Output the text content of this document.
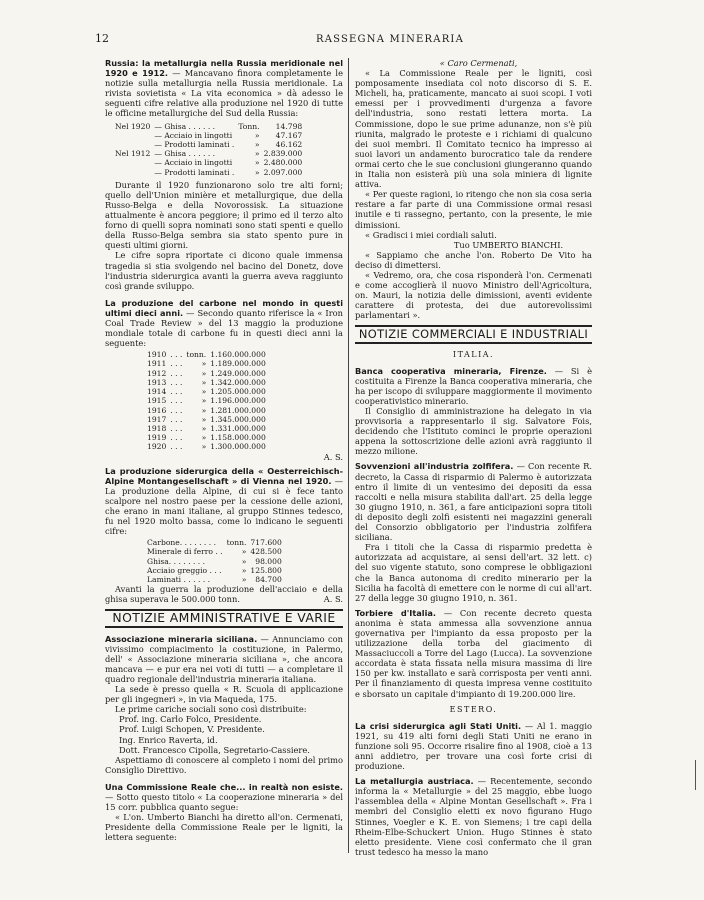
12	RASSEGNA MINERARIA

Russia: la metallurgia nella Russia meridionale nel 1920 e 1912. — Mancavano finora completamente le notizie sulla metallurgia nella Russia meridionale. La rivista sovietista « La vita economica » dà adesso le seguenti cifre relative alla produzione nel 1920 di tutte le officine metallurgiche del Sud della Russia:

Nel 1920	— Ghisa . . . . . .	Tonn.	14.798
	— Acciaio in lingotti	»	47.167
	— Prodotti laminati .	»	46.162
Nel 1912	— Ghisa . . . . . .	»	2.839.000
	— Acciaio in lingotti	»	2.480.000
	— Prodotti laminati .	»	2.097.000

Durante il 1920 funzionarono solo tre alti forni; quello dell'Union minière et metallurgique, due della Russo-Belga e della Novorossisk. La situazione attualmente è ancora peggiore; il primo ed il terzo alto forno di quelli sopra nominati sono stati spenti e quello della Russo-Belga sembra sia stato spento pure in questi ultimi giorni.

Le cifre sopra riportate ci dicono quale immensa tragedia si stia svolgendo nel bacino del Donetz, dove l'industria siderurgica avanti la guerra aveva raggiunto così grande sviluppo.

La produzione del carbone nel mondo in questi ultimi dieci anni. — Secondo quanto riferisce la « Iron Coal Trade Review » del 13 maggio la produzione mondiale totale di carbone fu in questi dieci anni la seguente:

1910	. . .	tonn.	1.160.000.000
1911	. . .	»	1.189.000.000
1912	. . .	»	1.249.000.000
1913	. . .	»	1.342.000.000
1914	. . .	»	1.205.000.000
1915	. . .	»	1.196.000.000
1916	. . .	»	1.281.000.000
1917	. . .	»	1.345.000.000
1918	. . .	»	1.331.000.000
1919	. . .	»	1.158.000.000
1920	. . .	»	1.300.000.000

A. S.

La produzione siderurgica della « Oesterreichisch-Alpine Montangesellschaft » di Vienna nel 1920. — La produzione della Alpine, di cui si è fece tanto scalpore nel nostro paese per la cessione delle azioni, che erano in mani italiane, al gruppo Stinnes tedesco, fu nel 1920 molto bassa, come lo indicano le seguenti cifre:

Carbone. . . . . . . .	tonn.	717.600
Minerale di ferro . .	»	428.500
Ghisa. . . . . . . .	»	98.000
Acciaio greggio . . .	»	125.800
Laminati . . . . . .	»	84.700

Avanti la guerra la produzione dell'acciaio e della ghisa superava le 500.000 tonn.	A. S.

NOTIZIE AMMINISTRATIVE E VARIE

Associazione mineraria siciliana. — Annunciamo con vivissimo compiacimento la costituzione, in Palermo, dell' « Associazione mineraria siciliana », che ancora mancava — e pur era nei voti di tutti — a completare il quadro regionale dell'industria mineraria italiana.

La sede è presso quella « R. Scuola di applicazione per gli ingegneri », in via Maqueda, 175.

Le prime cariche sociali sono così distribuite:

Prof. ing. Carlo Folco, Presidente.
Prof. Luigi Schopen, V. Presidente.
Ing. Enrico Raverta, id.
Dott. Francesco Cipolla, Segretario-Cassiere.

Aspettiamo di conoscere al completo i nomi del primo Consiglio Direttivo.

Una Commissione Reale che... in realtà non esiste. — Sotto questo titolo « La cooperazione mineraria » del 15 corr. pubblica quanto segue:

« L'on. Umberto Bianchi ha diretto all'on. Cermenati, Presidente della Commissione Reale per le ligniti, la lettera seguente:

« Caro Cermenati,

« La Commissione Reale per le ligniti, così pomposamente insediata col noto discorso di S. E. Micheli, ha, praticamente, mancato ai suoi scopi. I voti emessi per i provvedimenti d'urgenza a favore dell'industria, sono restati lettera morta. La Commissione, dopo le sue prime adunanze, non s'è più riunita, malgrado le proteste e i richiami di qualcuno dei suoi membri. Il Comitato tecnico ha impresso ai suoi lavori un andamento burocratico tale da rendere ormai certo che le sue conclusioni giungeranno quando in Italia non esisterà più una sola miniera di lignite attiva.

« Per queste ragioni, io ritengo che non sia cosa seria restare a far parte di una Commissione ormai resasi inutile e ti rassegno, pertanto, con la presente, le mie dimissioni.

« Gradisci i miei cordiali saluti.

Tuo UMBERTO BIANCHI.

« Sappiamo che anche l'on. Roberto De Vito ha deciso di dimettersi.

« Vedremo, ora, che cosa risponderà l'on. Cermenati e come accoglierà il nuovo Ministro dell'Agricoltura, on. Mauri, la notizia delle dimissioni, aventi evidente carattere di protesta, dei due autorevolissimi parlamentari ».

NOTIZIE COMMERCIALI E INDUSTRIALI
ITALIA.

Banca cooperativa mineraria, Firenze. — Si è costituita a Firenze la Banca cooperativa mineraria, che ha per iscopo di sviluppare maggiormente il movimento cooperativistico minerario.

Il Consiglio di amministrazione ha delegato in via provvisoria a rappresentarlo il sig. Salvatore Fois, decidendo che l'Istituto cominci le proprie operazioni appena la sottoscrizione delle azioni avrà raggiunto il mezzo milione.

Sovvenzioni all'industria zolfifera. — Con recente R. decreto, la Cassa di risparmio di Palermo è autorizzata entro il limite di un ventesimo dei depositi da essa raccolti e nella misura stabilita dall'art. 25 della legge 30 giugno 1910, n. 361, a fare anticipazioni sopra titoli di deposito degli zolfi esistenti nei magazzini generali del Consorzio obbligatorio per l'industria zolfifera siciliana.

Fra i titoli che la Cassa di risparmio predetta è autorizzata ad acquistare, ai sensi dell'art. 32 lett. c) del suo vigente statuto, sono comprese le obbligazioni che la Banca autonoma di credito minerario per la Sicilia ha facoltà di emettere con le norme di cui all'art. 27 della legge 30 giugno 1910, n. 361.

Torbiere d'Italia. — Con recente decreto questa anonima è stata ammessa alla sovvenzione annua governativa per l'impianto da essa proposto per la utilizzazione della torba del giacimento di Massaciuccoli a Torre del Lago (Lucca). La sovvenzione accordata è stata fissata nella misura massima di lire 150 per kw. installato e sarà corrisposta per venti anni. Per il finanziamento di questa impresa venne costituito e sborsato un capitale d'impianto di 19.200.000 lire.

ESTERO.

La crisi siderurgica agli Stati Uniti. — Al 1. maggio 1921, su 419 alti forni degli Stati Uniti ne erano in funzione soli 95. Occorre risalire fino al 1908, cioè a 13 anni addietro, per trovare una così forte crisi di produzione.

La metallurgia austriaca. — Recentemente, secondo informa la « Metallurgie » del 25 maggio, ebbe luogo l'assemblea della « Alpine Montan Gesellschaft ». Fra i membri del Consiglio eletti ex novo figurano Hugo Stinnes, Voegler e K. E. von Siemens; i tre capi della Rheim-Elbe-Schuckert Union. Hugo Stinnes è stato eletto presidente. Viene così confermato che il gran trust tedesco ha messo la mano
